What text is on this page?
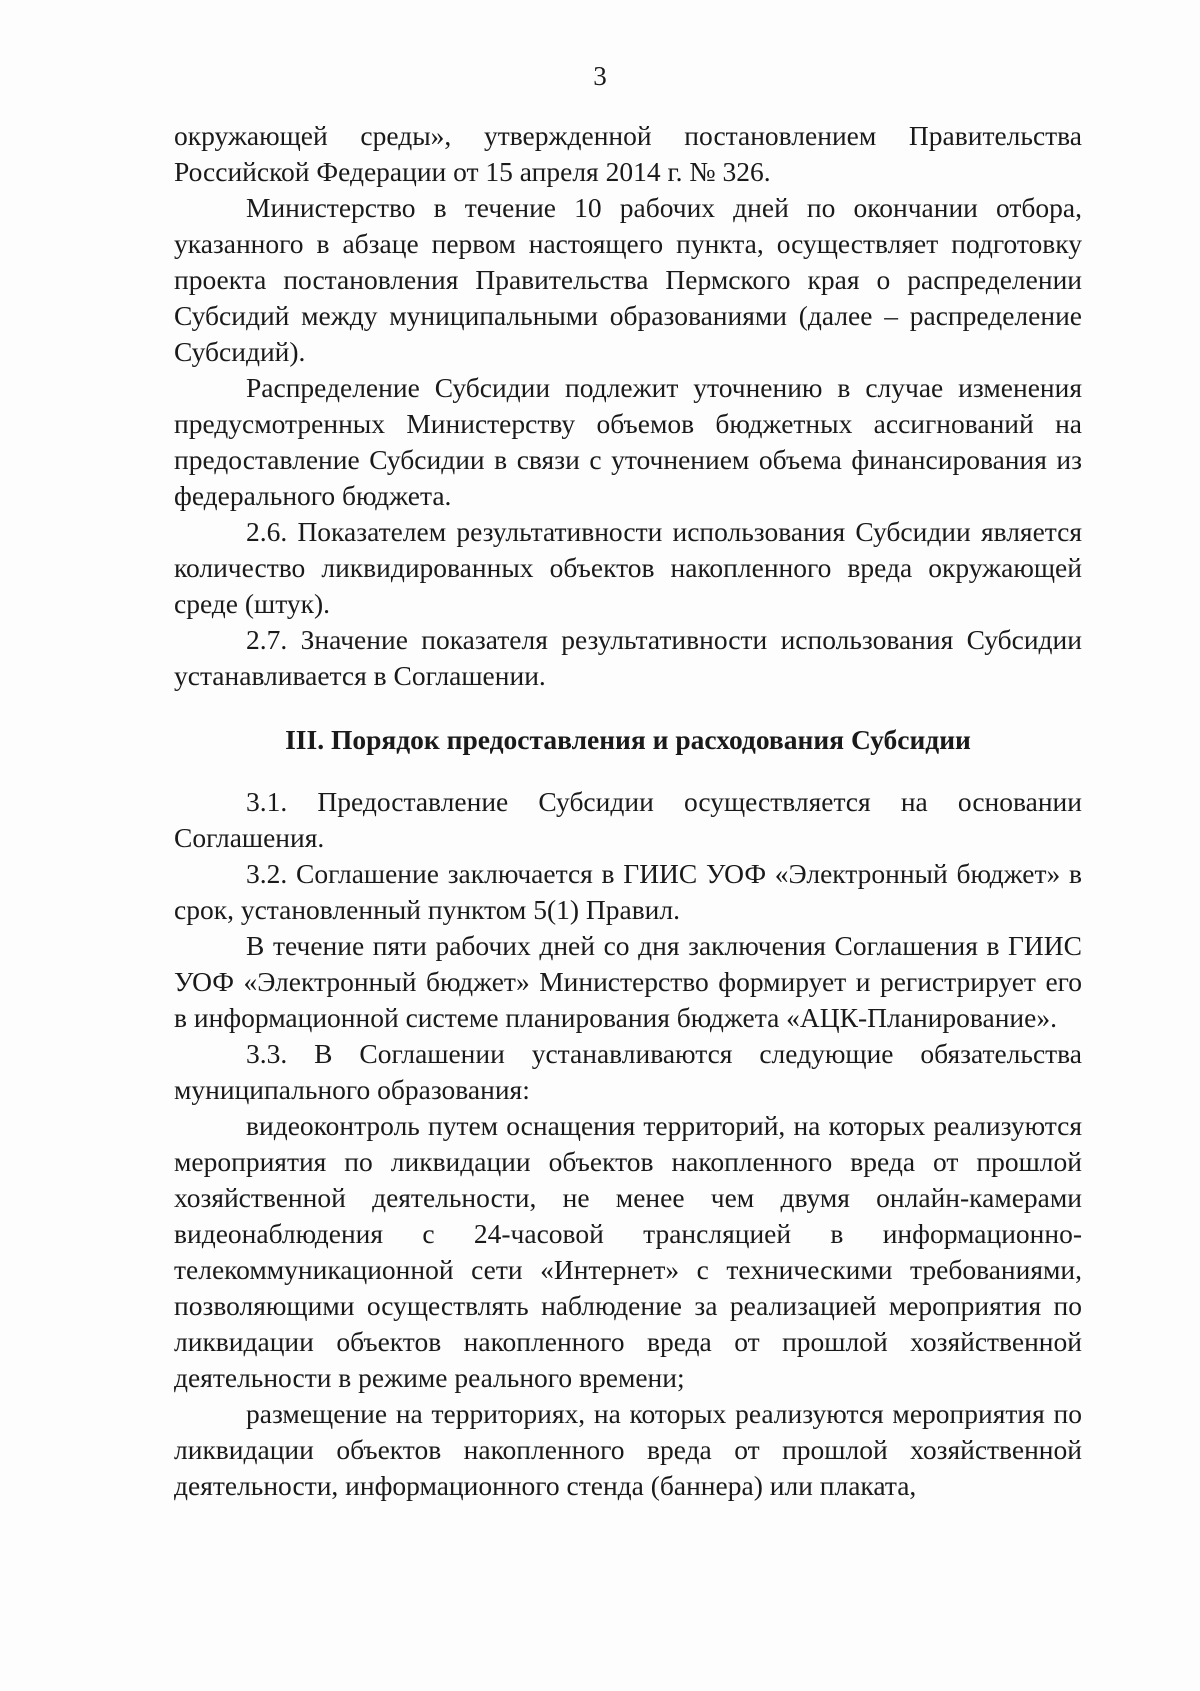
3

окружающей среды», утвержденной постановлением Правительства Российской Федерации от 15 апреля 2014 г. № 326.

Министерство в течение 10 рабочих дней по окончании отбора, указанного в абзаце первом настоящего пункта, осуществляет подготовку проекта постановления Правительства Пермского края о распределении Субсидий между муниципальными образованиями (далее – распределение Субсидий).

Распределение Субсидии подлежит уточнению в случае изменения предусмотренных Министерству объемов бюджетных ассигнований на предоставление Субсидии в связи с уточнением объема финансирования из федерального бюджета.

2.6. Показателем результативности использования Субсидии является количество ликвидированных объектов накопленного вреда окружающей среде (штук).

2.7. Значение показателя результативности использования Субсидии устанавливается в Соглашении.

III. Порядок предоставления и расходования Субсидии

3.1. Предоставление Субсидии осуществляется на основании Соглашения.

3.2. Соглашение заключается в ГИИС УОФ «Электронный бюджет» в срок, установленный пунктом 5(1) Правил.

В течение пяти рабочих дней со дня заключения Соглашения в ГИИС УОФ «Электронный бюджет» Министерство формирует и регистрирует его в информационной системе планирования бюджета «АЦК-Планирование».

3.3. В Соглашении устанавливаются следующие обязательства муниципального образования:

видеоконтроль путем оснащения территорий, на которых реализуются мероприятия по ликвидации объектов накопленного вреда от прошлой хозяйственной деятельности, не менее чем двумя онлайн-камерами видеонаблюдения с 24-часовой трансляцией в информационно-телекоммуникационной сети «Интернет» с техническими требованиями, позволяющими осуществлять наблюдение за реализацией мероприятия по ликвидации объектов накопленного вреда от прошлой хозяйственной деятельности в режиме реального времени;

размещение на территориях, на которых реализуются мероприятия по ликвидации объектов накопленного вреда от прошлой хозяйственной деятельности, информационного стенда (баннера) или плаката,
